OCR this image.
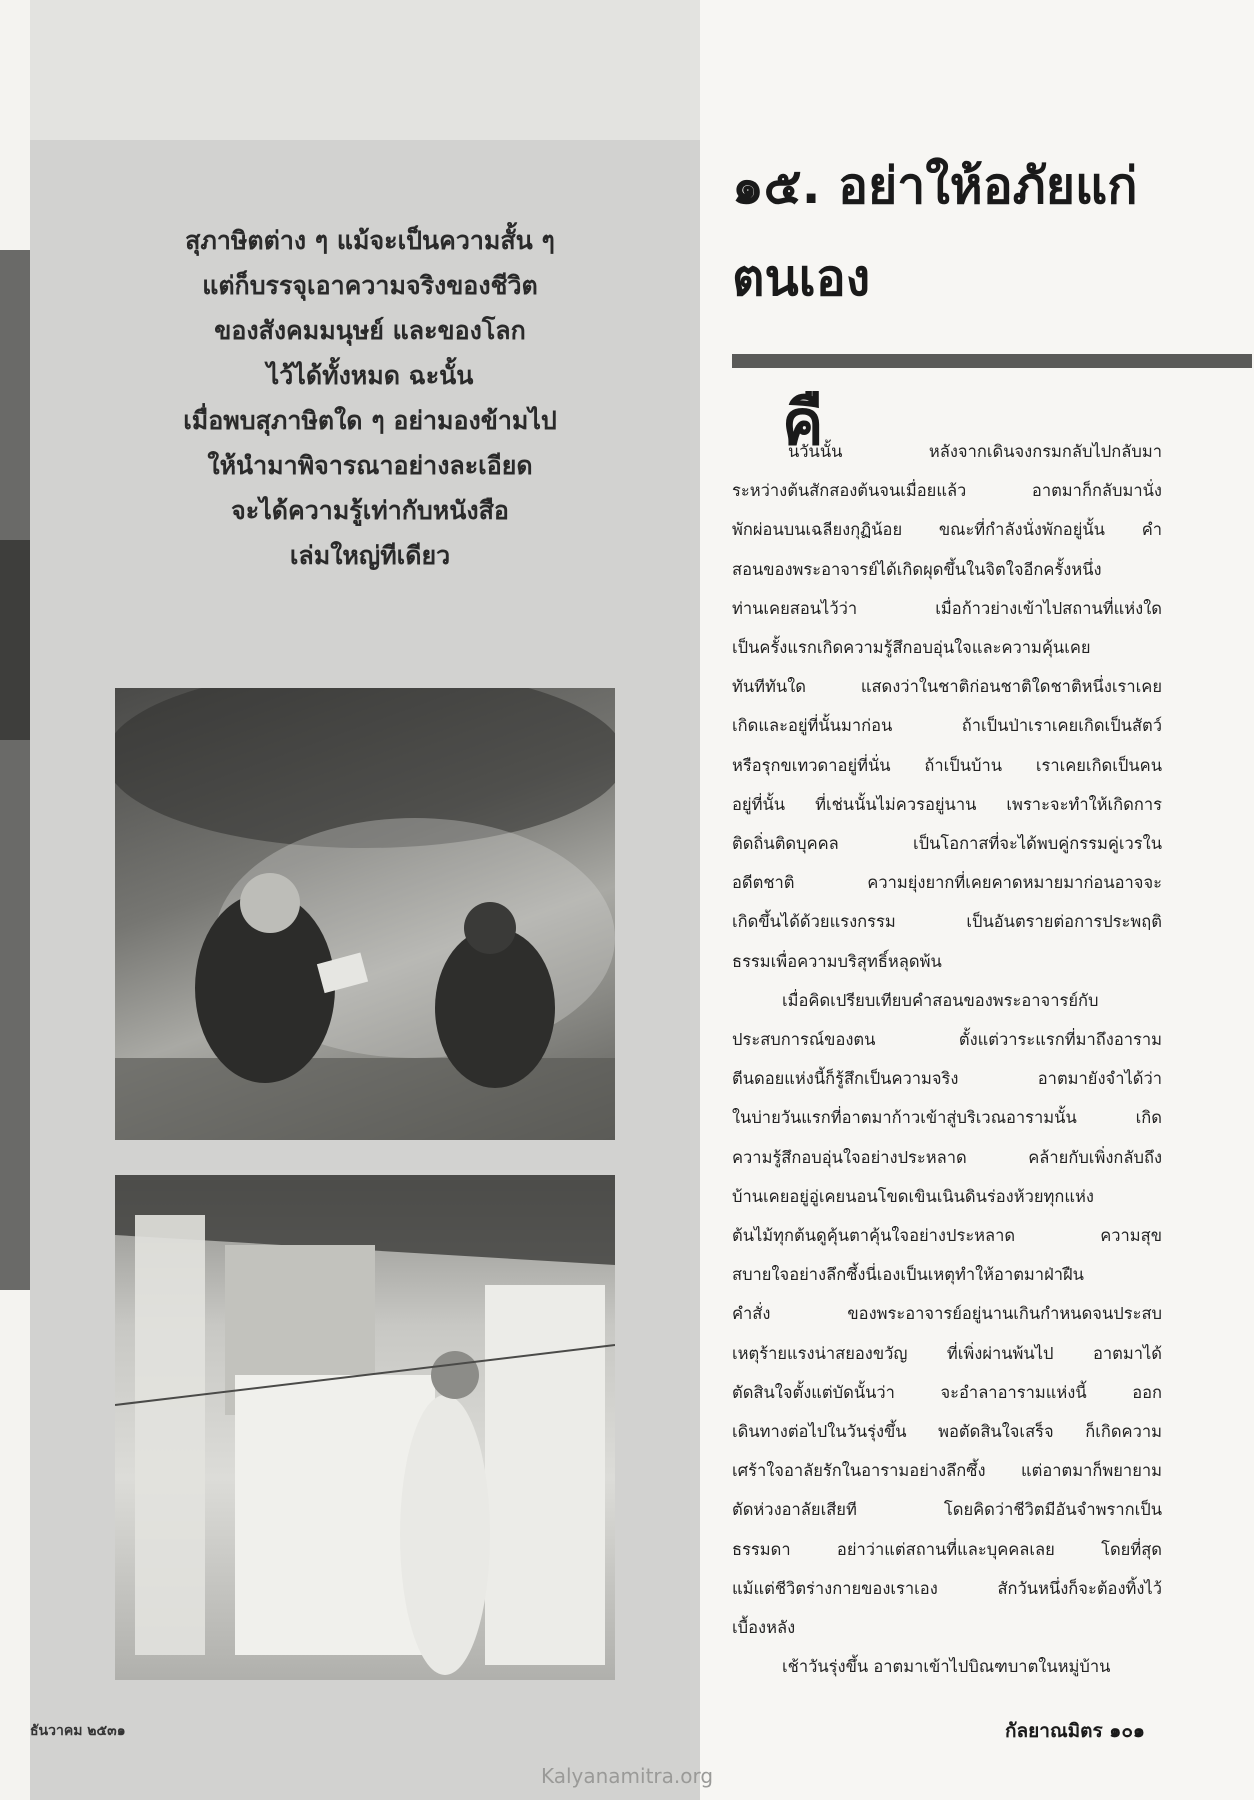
สุภาษิตต่าง ๆ แม้จะเป็นความสั้น ๆ
แต่ก็บรรจุเอาความจริงของชีวิต
ของสังคมมนุษย์ และของโลก
ไว้ได้ทั้งหมด ฉะนั้น
เมื่อพบสุภาษิตใด ๆ อย่ามองข้ามไป
ให้นำมาพิจารณาอย่างละเอียด
จะได้ความรู้เท่ากับหนังสือ
เล่มใหญ่ทีเดียว
๑๕. อย่าให้อภัยแก่
ตนเอง
คื
นวันนั้น หลังจากเดินจงกรมกลับไปกลับมา
ระหว่างต้นสักสองต้นจนเมื่อยแล้ว อาตมาก็กลับมานั่ง
พักผ่อนบนเฉลียงกุฏิน้อย ขณะที่กำลังนั่งพักอยู่นั้น คำ
สอนของพระอาจารย์ได้เกิดผุดขึ้นในจิตใจอีกครั้งหนึ่ง
ท่านเคยสอนไว้ว่า เมื่อก้าวย่างเข้าไปสถานที่แห่งใด
เป็นครั้งแรกเกิดความรู้สึกอบอุ่นใจและความคุ้นเคย
ทันทีทันใด แสดงว่าในชาติก่อนชาติใดชาติหนึ่งเราเคย
เกิดและอยู่ที่นั้นมาก่อน ถ้าเป็นป่าเราเคยเกิดเป็นสัตว์
หรือรุกขเทวดาอยู่ที่นั่น ถ้าเป็นบ้าน เราเคยเกิดเป็นคน
อยู่ที่นั้น ที่เช่นนั้นไม่ควรอยู่นาน เพราะจะทำให้เกิดการ
ติดถิ่นติดบุคคล เป็นโอกาสที่จะได้พบคู่กรรมคู่เวรใน
อดีตชาติ ความยุ่งยากที่เคยคาดหมายมาก่อนอาจจะ
เกิดขึ้นได้ด้วยแรงกรรม เป็นอันตรายต่อการประพฤติ
ธรรมเพื่อความบริสุทธิ์หลุดพ้น
เมื่อคิดเปรียบเทียบคำสอนของพระอาจารย์กับ
ประสบการณ์ของตน ตั้งแต่วาระแรกที่มาถึงอาราม
ตีนดอยแห่งนี้ก็รู้สึกเป็นความจริง อาตมายังจำได้ว่า
ในบ่ายวันแรกที่อาตมาก้าวเข้าสู่บริเวณอารามนั้น เกิด
ความรู้สึกอบอุ่นใจอย่างประหลาด คล้ายกับเพิ่งกลับถึง
บ้านเคยอยู่อู่เคยนอนโขดเขินเนินดินร่องห้วยทุกแห่ง
ต้นไม้ทุกต้นดูคุ้นตาคุ้นใจอย่างประหลาด ความสุข
สบายใจอย่างลึกซึ้งนี่เองเป็นเหตุทำให้อาตมาฝ่าฝืน
คำสั่ง ของพระอาจารย์อยู่นานเกินกำหนดจนประสบ
เหตุร้ายแรงน่าสยองขวัญ ที่เพิ่งผ่านพ้นไป อาตมาได้
ตัดสินใจตั้งแต่บัดนั้นว่า จะอำลาอารามแห่งนี้ ออก
เดินทางต่อไปในวันรุ่งขึ้น พอตัดสินใจเสร็จ ก็เกิดความ
เศร้าใจอาลัยรักในอารามอย่างลึกซึ้ง แต่อาตมาก็พยายาม
ตัดห่วงอาลัยเสียที โดยคิดว่าชีวิตมีอันจำพรากเป็น
ธรรมดา อย่าว่าแต่สถานที่และบุคคลเลย โดยที่สุด
แม้แต่ชีวิตร่างกายของเราเอง สักวันหนึ่งก็จะต้องทิ้งไว้
เบื้องหลัง
เช้าวันรุ่งขึ้น อาตมาเข้าไปบิณฑบาตในหมู่บ้าน
ธันวาคม ๒๕๓๑	กัลยาณมิตร ๑๐๑
Kalyanamitra.org
